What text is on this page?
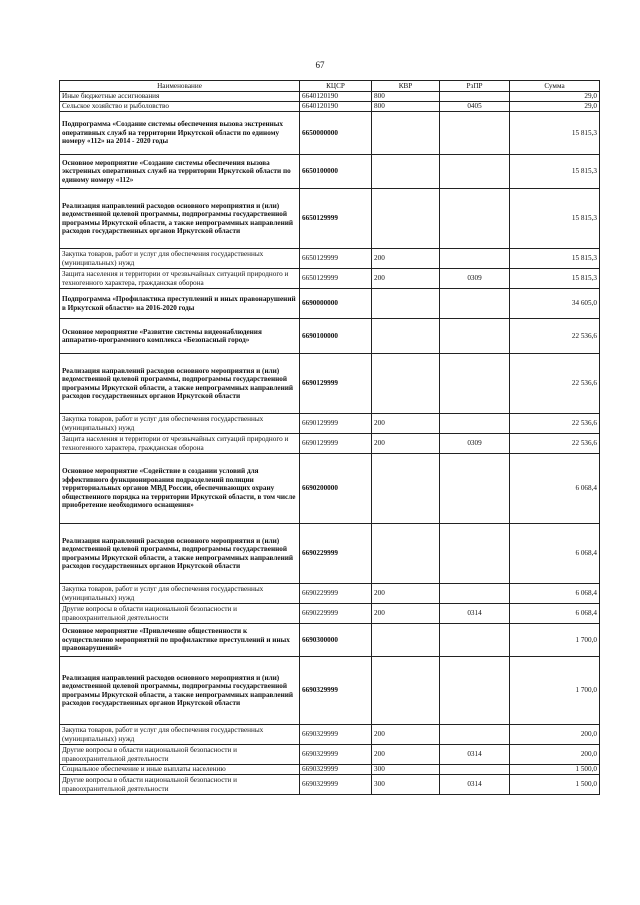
67
Наименование	КЦСР	КВР	РзПР	Сумма
Иные бюджетные ассигнования	6640120190	800		29,0
Сельское хозяйство и рыболовство	6640120190	800	0405	29,0
Подпрограмма «Создание системы обеспечения вызова экстренных оперативных служб на территории Иркутской области по единому номеру «112» на 2014 - 2020 годы	6650000000			15 815,3
Основное мероприятие «Создание системы обеспечения вызова экстренных оперативных служб на территории Иркутской области по единому номеру «112»	6650100000			15 815,3
Реализация направлений расходов основного мероприятия и (или) ведомственной целевой программы, подпрограммы государственной программы Иркутской области, а также непрограммных направлений расходов государственных органов Иркутской области	6650129999			15 815,3
Закупка товаров, работ и услуг для обеспечения государственных (муниципальных) нужд	6650129999	200		15 815,3
Защита населения и территории от чрезвычайных ситуаций природного и техногенного характера, гражданская оборона	6650129999	200	0309	15 815,3
Подпрограмма «Профилактика преступлений и иных правонарушений в Иркутской области» на 2016-2020 годы	6690000000			34 605,0
Основное мероприятие «Развитие системы видеонаблюдения аппаратно-программного комплекса «Безопасный город»	6690100000			22 536,6
Реализация направлений расходов основного мероприятия и (или) ведомственной целевой программы, подпрограммы государственной программы Иркутской области, а также непрограммных направлений расходов государственных органов Иркутской области	6690129999			22 536,6
Закупка товаров, работ и услуг для обеспечения государственных (муниципальных) нужд	6690129999	200		22 536,6
Защита населения и территории от чрезвычайных ситуаций природного и техногенного характера, гражданская оборона	6690129999	200	0309	22 536,6
Основное мероприятие «Содействие в создании условий для эффективного функционирования подразделений полиции территориальных органов МВД России, обеспечивающих охрану общественного порядка на территории Иркутской области, в том числе приобретение необходимого оснащения»	6690200000			6 068,4
Реализация направлений расходов основного мероприятия и (или) ведомственной целевой программы, подпрограммы государственной программы Иркутской области, а также непрограммных направлений расходов государственных органов Иркутской области	6690229999			6 068,4
Закупка товаров, работ и услуг для обеспечения государственных (муниципальных) нужд	6690229999	200		6 068,4
Другие вопросы в области национальной безопасности и правоохранительной деятельности	6690229999	200	0314	6 068,4
Основное мероприятие «Привлечение общественности к осуществлению мероприятий по профилактике преступлений и иных правонарушений»	6690300000			1 700,0
Реализация направлений расходов основного мероприятия и (или) ведомственной целевой программы, подпрограммы государственной программы Иркутской области, а также непрограммных направлений расходов государственных органов Иркутской области	6690329999			1 700,0
Закупка товаров, работ и услуг для обеспечения государственных (муниципальных) нужд	6690329999	200		200,0
Другие вопросы в области национальной безопасности и правоохранительной деятельности	6690329999	200	0314	200,0
Социальное обеспечение и иные выплаты населению	6690329999	300		1 500,0
Другие вопросы в области национальной безопасности и правоохранительной деятельности	6690329999	300	0314	1 500,0
